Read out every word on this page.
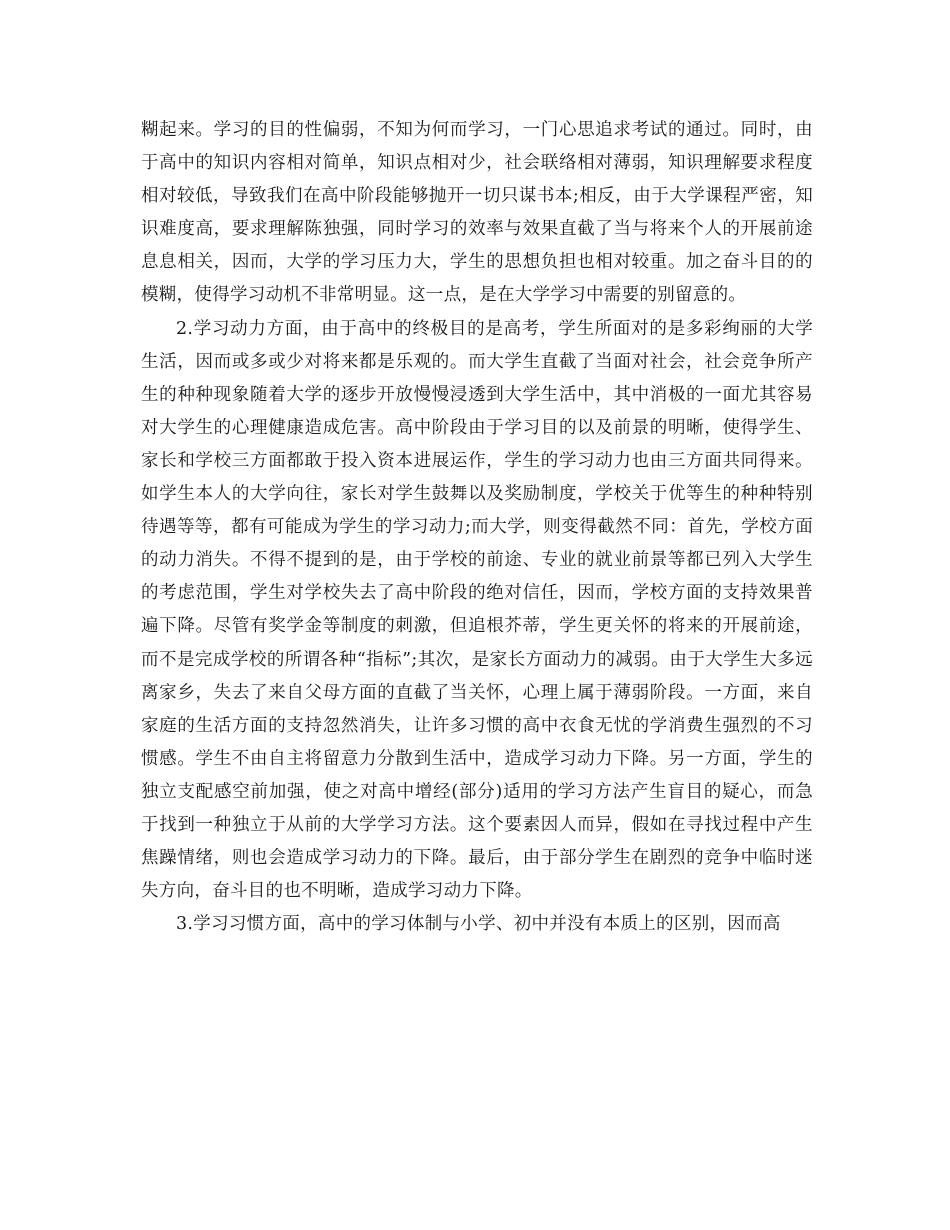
糊起来。学习的目的性偏弱，不知为何而学习，一门心思追求考试的通过。同时，由于高中的知识内容相对简单，知识点相对少，社会联络相对薄弱，知识理解要求程度相对较低，导致我们在高中阶段能够抛开一切只谋书本;相反，由于大学课程严密，知识难度高，要求理解陈独强，同时学习的效率与效果直截了当与将来个人的开展前途息息相关，因而，大学的学习压力大，学生的思想负担也相对较重。加之奋斗目的的模糊，使得学习动机不非常明显。这一点，是在大学学习中需要的别留意的。

2.学习动力方面，由于高中的终极目的是高考，学生所面对的是多彩绚丽的大学生活，因而或多或少对将来都是乐观的。而大学生直截了当面对社会，社会竞争所产生的种种现象随着大学的逐步开放慢慢浸透到大学生活中，其中消极的一面尤其容易对大学生的心理健康造成危害。高中阶段由于学习目的以及前景的明晰，使得学生、家长和学校三方面都敢于投入资本进展运作，学生的学习动力也由三方面共同得来。如学生本人的大学向往，家长对学生鼓舞以及奖励制度，学校关于优等生的种种特别待遇等等，都有可能成为学生的学习动力;而大学，则变得截然不同：首先，学校方面的动力消失。不得不提到的是，由于学校的前途、专业的就业前景等都已列入大学生的考虑范围，学生对学校失去了高中阶段的绝对信任，因而，学校方面的支持效果普遍下降。尽管有奖学金等制度的刺激，但追根芥蒂，学生更关怀的将来的开展前途，而不是完成学校的所谓各种“指标”;其次，是家长方面动力的减弱。由于大学生大多远离家乡，失去了来自父母方面的直截了当关怀，心理上属于薄弱阶段。一方面，来自家庭的生活方面的支持忽然消失，让许多习惯的高中衣食无忧的学消费生强烈的不习惯感。学生不由自主将留意力分散到生活中，造成学习动力下降。另一方面，学生的独立支配感空前加强，使之对高中增经(部分)适用的学习方法产生盲目的疑心，而急于找到一种独立于从前的大学学习方法。这个要素因人而异，假如在寻找过程中产生焦躁情绪，则也会造成学习动力的下降。最后，由于部分学生在剧烈的竞争中临时迷失方向，奋斗目的也不明晰，造成学习动力下降。

3.学习习惯方面，高中的学习体制与小学、初中并没有本质上的区别，因而高
